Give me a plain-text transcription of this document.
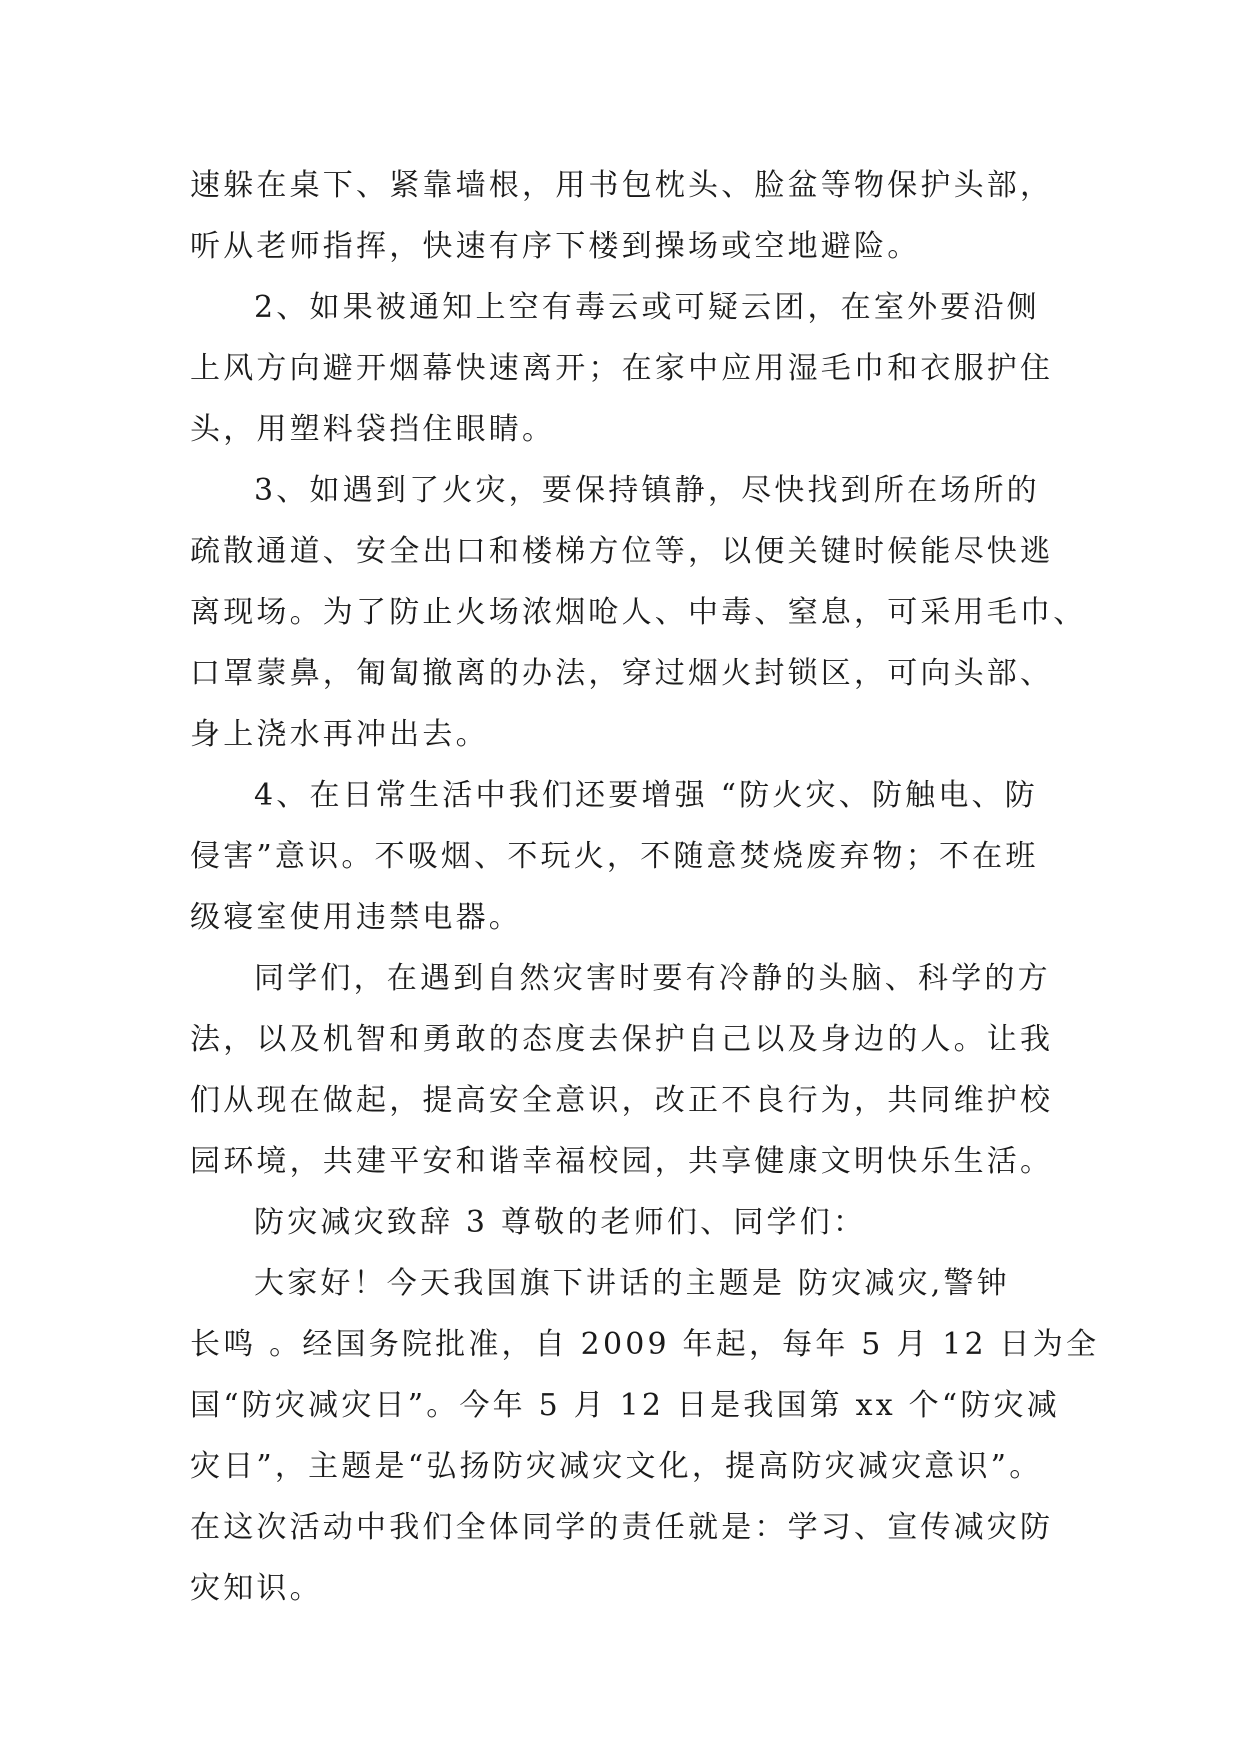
速躲在桌下、紧靠墙根，用书包枕头、脸盆等物保护头部，
听从老师指挥，快速有序下楼到操场或空地避险。
2、如果被通知上空有毒云或可疑云团，在室外要沿侧
上风方向避开烟幕快速离开；在家中应用湿毛巾和衣服护住
头，用塑料袋挡住眼睛。
3、如遇到了火灾，要保持镇静，尽快找到所在场所的
疏散通道、安全出口和楼梯方位等，以便关键时候能尽快逃
离现场。为了防止火场浓烟呛人、中毒、窒息，可采用毛巾、
口罩蒙鼻，匍匐撤离的办法，穿过烟火封锁区，可向头部、
身上浇水再冲出去。
4、在日常生活中我们还要增强 “防火灾、防触电、防
侵害”意识。不吸烟、不玩火，不随意焚烧废弃物；不在班
级寝室使用违禁电器。
同学们，在遇到自然灾害时要有冷静的头脑、科学的方
法，以及机智和勇敢的态度去保护自己以及身边的人。让我
们从现在做起，提高安全意识，改正不良行为，共同维护校
园环境，共建平安和谐幸福校园，共享健康文明快乐生活。
防灾减灾致辞 3 尊敬的老师们、同学们：
大家好！今天我国旗下讲话的主题是 防灾减灾,警钟
长鸣 。经国务院批准，自 2009 年起，每年 5 月 12 日为全
国“防灾减灾日”。今年 5 月 12 日是我国第 xx 个“防灾减
灾日”，主题是“弘扬防灾减灾文化，提高防灾减灾意识”。
在这次活动中我们全体同学的责任就是：学习、宣传减灾防
灾知识。
